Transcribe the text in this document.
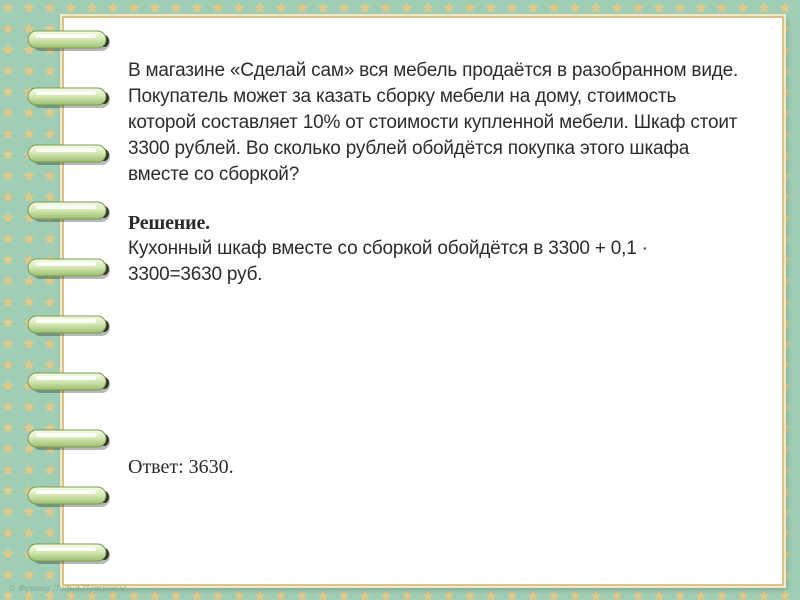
В магазине «Сделай сам» вся мебель продаётся в разобранном виде. Покупатель может за казать сборку мебели на дому, стоимость которой составляет 10% от стоимости купленной мебели. Шкаф стоит 3300 рублей. Во сколько рублей обойдётся покупка этого шкафа вместе со сборкой?

Решение.

Кухонный шкаф вместе со сборкой обойдётся в 3300 + 0,1 · 3300=3630 руб.

Ответ: 3630.
© Фокина Лидия Петровна
